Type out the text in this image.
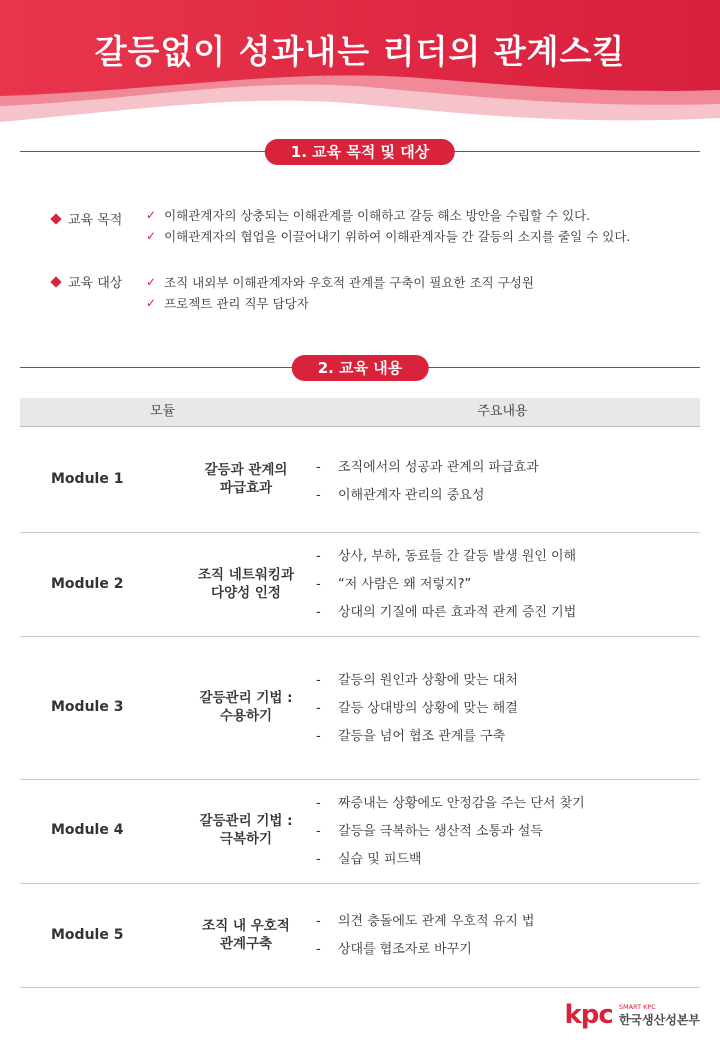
갈등없이 성과내는 리더의 관계스킬
1. 교육 목적 및 대상
교육 목적 ✓ 이해관계자의 상충되는 이해관계를 이해하고 갈등 해소 방안을 수립할 수 있다.
✓ 이해관계자의 협업을 이끌어내기 위하여 이해관계자들 간 갈등의 소지를 줄일 수 있다.
교육 대상 ✓ 조직 내외부 이해관계자와 우호적 관계를 구축이 필요한 조직 구성원
✓ 프로젝트 관리 직무 담당자
2. 교육 내용
모듈	주요내용
Module 1
갈등과 관계의
파급효과
- 조직에서의 성공과 관계의 파급효과
- 이해관계자 관리의 중요성
Module 2
조직 네트워킹과
다양성 인정
- 상사, 부하, 동료들 간 갈등 발생 원인 이해
- “저 사람은 왜 저렇지?”
- 상대의 기질에 따른 효과적 관계 증진 기법
Module 3
갈등관리 기법 :
수용하기
- 갈등의 원인과 상황에 맞는 대처
- 갈등 상대방의 상황에 맞는 해결
- 갈등을 넘어 협조 관계를 구축
Module 4
갈등관리 기법 :
극복하기
- 짜증내는 상황에도 안정감을 주는 단서 찾기
- 갈등을 극복하는 생산적 소통과 설득
- 실습 및 피드백
Module 5
조직 내 우호적
관계구축
- 의견 충돌에도 관계 우호적 유지 법
- 상대를 협조자로 바꾸기
kpc SMART KPC
한국생산성본부
